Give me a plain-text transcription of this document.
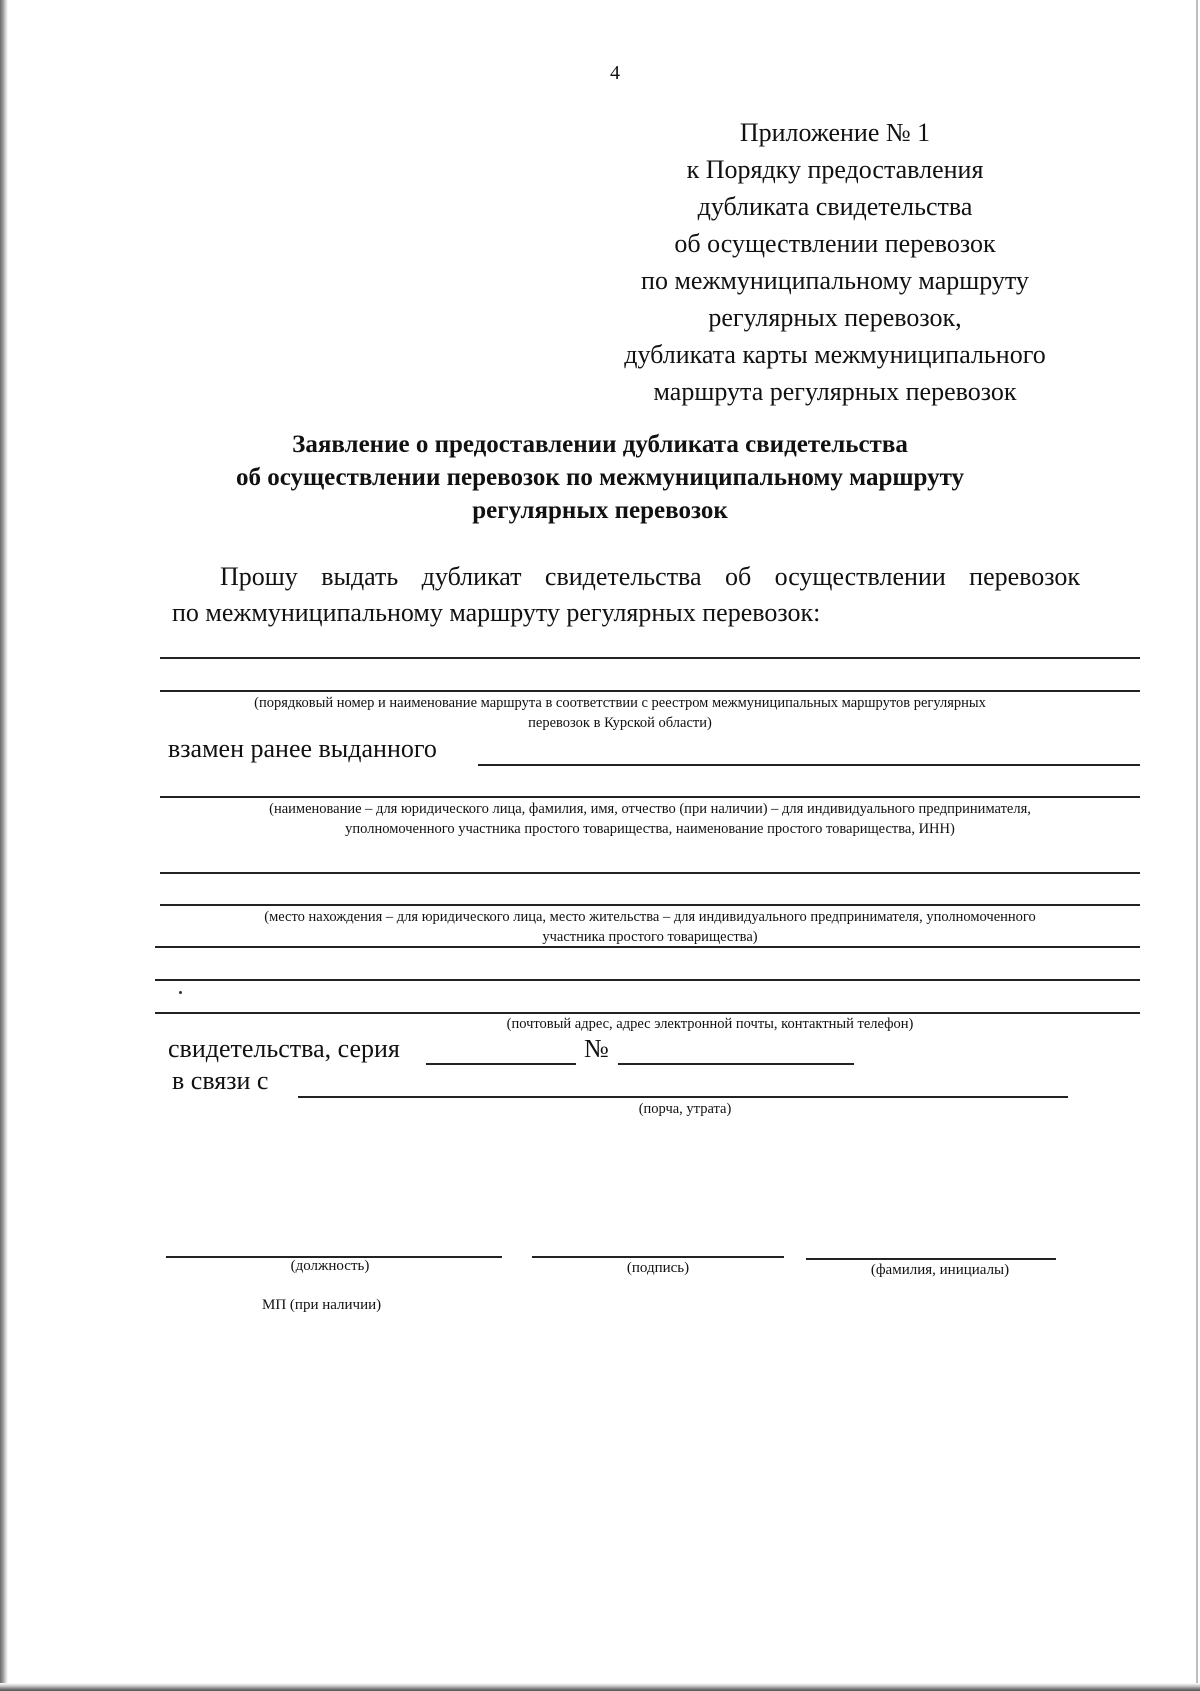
4
Приложение № 1
к Порядку предоставления
дубликата свидетельства
об осуществлении перевозок
по межмуниципальному маршруту
регулярных перевозок,
дубликата карты межмуниципального
маршрута регулярных перевозок
Заявление о предоставлении дубликата свидетельства
об осуществлении перевозок по межмуниципальному маршруту
регулярных перевозок
Прошу выдать дубликат свидетельства об осуществлении перевозок
по межмуниципальному маршруту регулярных перевозок:
(порядковый номер и наименование маршрута в соответствии с реестром межмуниципальных маршрутов регулярных
перевозок в Курской области)
взамен ранее выданного
(наименование – для юридического лица, фамилия, имя, отчество (при наличии) – для индивидуального предпринимателя,
уполномоченного участника простого товарищества, наименование простого товарищества, ИНН)
(место нахождения – для юридического лица, место жительства – для индивидуального предпринимателя, уполномоченного
участника простого товарищества)
(почтовый адрес, адрес электронной почты, контактный телефон)
свидетельства, серия	№
в связи с
(порча, утрата)
(должность)	(подпись)	(фамилия, инициалы)
МП (при наличии)
